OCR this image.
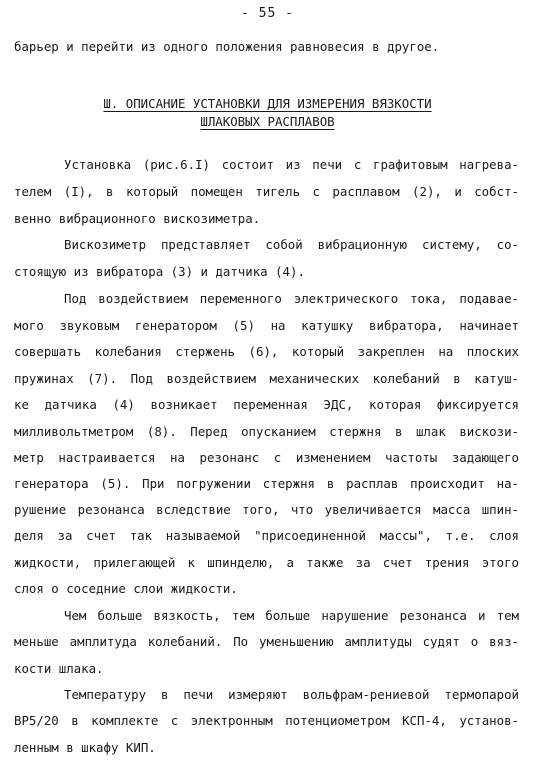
- 55 -
барьер и перейти из одного положения равновесия в другое.
Ш. ОПИСАНИЕ УСТАНОВКИ ДЛЯ ИЗМЕРЕНИЯ ВЯЗКОСТИ
ШЛАКОВЫХ РАСПЛАВОВ
Установка (рис.6.I) состоит из печи с графитовым нагрева-
телем (I), в который помещен тигель с расплавом (2), и собст-
венно вибрационного вискозиметра.
Вискозиметр представляет собой вибрационную систему, со-
стоящую из вибратора (3) и датчика (4).
Под воздействием переменного электрического тока, подавае-
мого звуковым генератором (5) на катушку вибратора, начинает
совершать колебания стержень (6), который закреплен на плоских
пружинах (7). Под воздействием механических колебаний в катуш-
ке датчика (4) возникает переменная ЭДС, которая фиксируется
милливольтметром (8). Перед опусканием стержня в шлак вискози-
метр настраивается на резонанс с изменением частоты задающего
генератора (5). При погружении стержня в расплав происходит на-
рушение резонанса вследствие того, что увеличивается масса шпин-
деля за счет так называемой "присоединенной массы", т.е. слоя
жидкости, прилегающей к шпинделю, а также за счет трения этого
слоя о соседние слои жидкости.
Чем больше вязкость, тем больше нарушение резонанса и тем
меньше амплитуда колебаний. По уменьшению амплитуды судят о вяз-
кости шлака.
Температуру в печи измеряют вольфрам-рениевой термопарой
ВР5/20 в комплекте с электронным потенциометром КСП-4, установ-
ленным в шкафу КИП.
